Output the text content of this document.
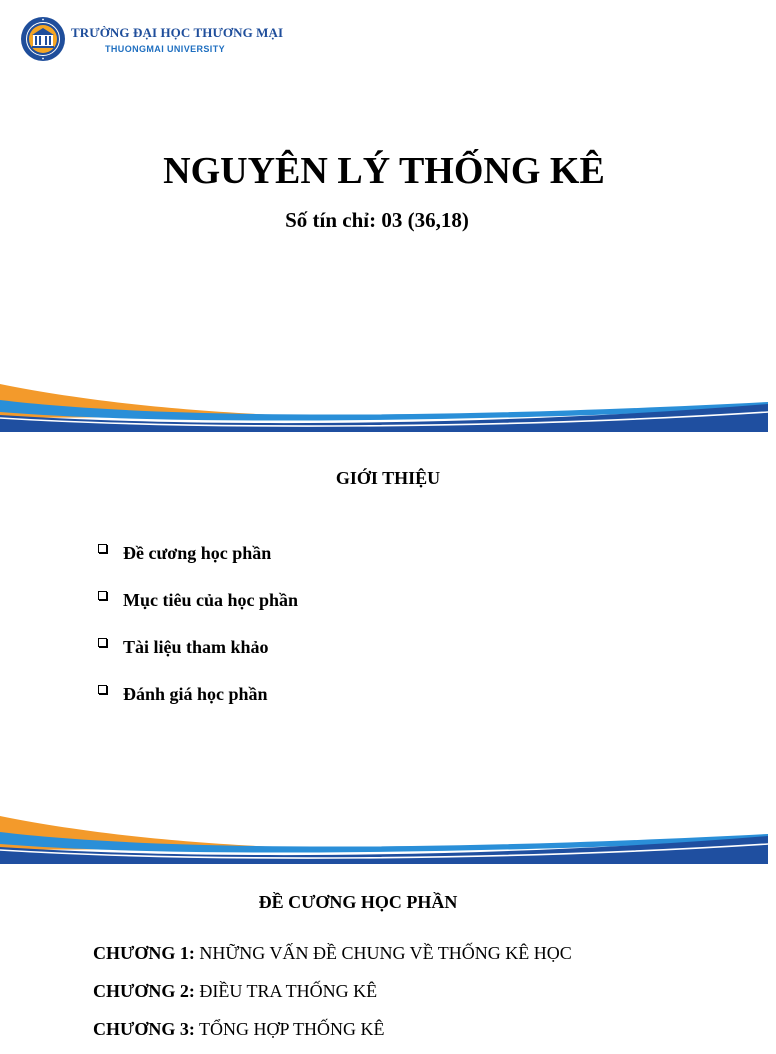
TRƯỜNG ĐẠI HỌC THƯƠNG MẠI
THUONGMAI UNIVERSITY
NGUYÊN LÝ THỐNG KÊ
Số tín chỉ: 03 (36,18)
GIỚI THIỆU
Đề cương học phần
Mục tiêu của học phần
Tài liệu tham khảo
Đánh giá học phần
ĐỀ CƯƠNG HỌC PHẦN
CHƯƠNG 1: NHỮNG VẤN ĐỀ CHUNG VỀ THỐNG KÊ HỌC
CHƯƠNG 2: ĐIỀU TRA THỐNG KÊ
CHƯƠNG 3: TỔNG HỢP THỐNG KÊ
